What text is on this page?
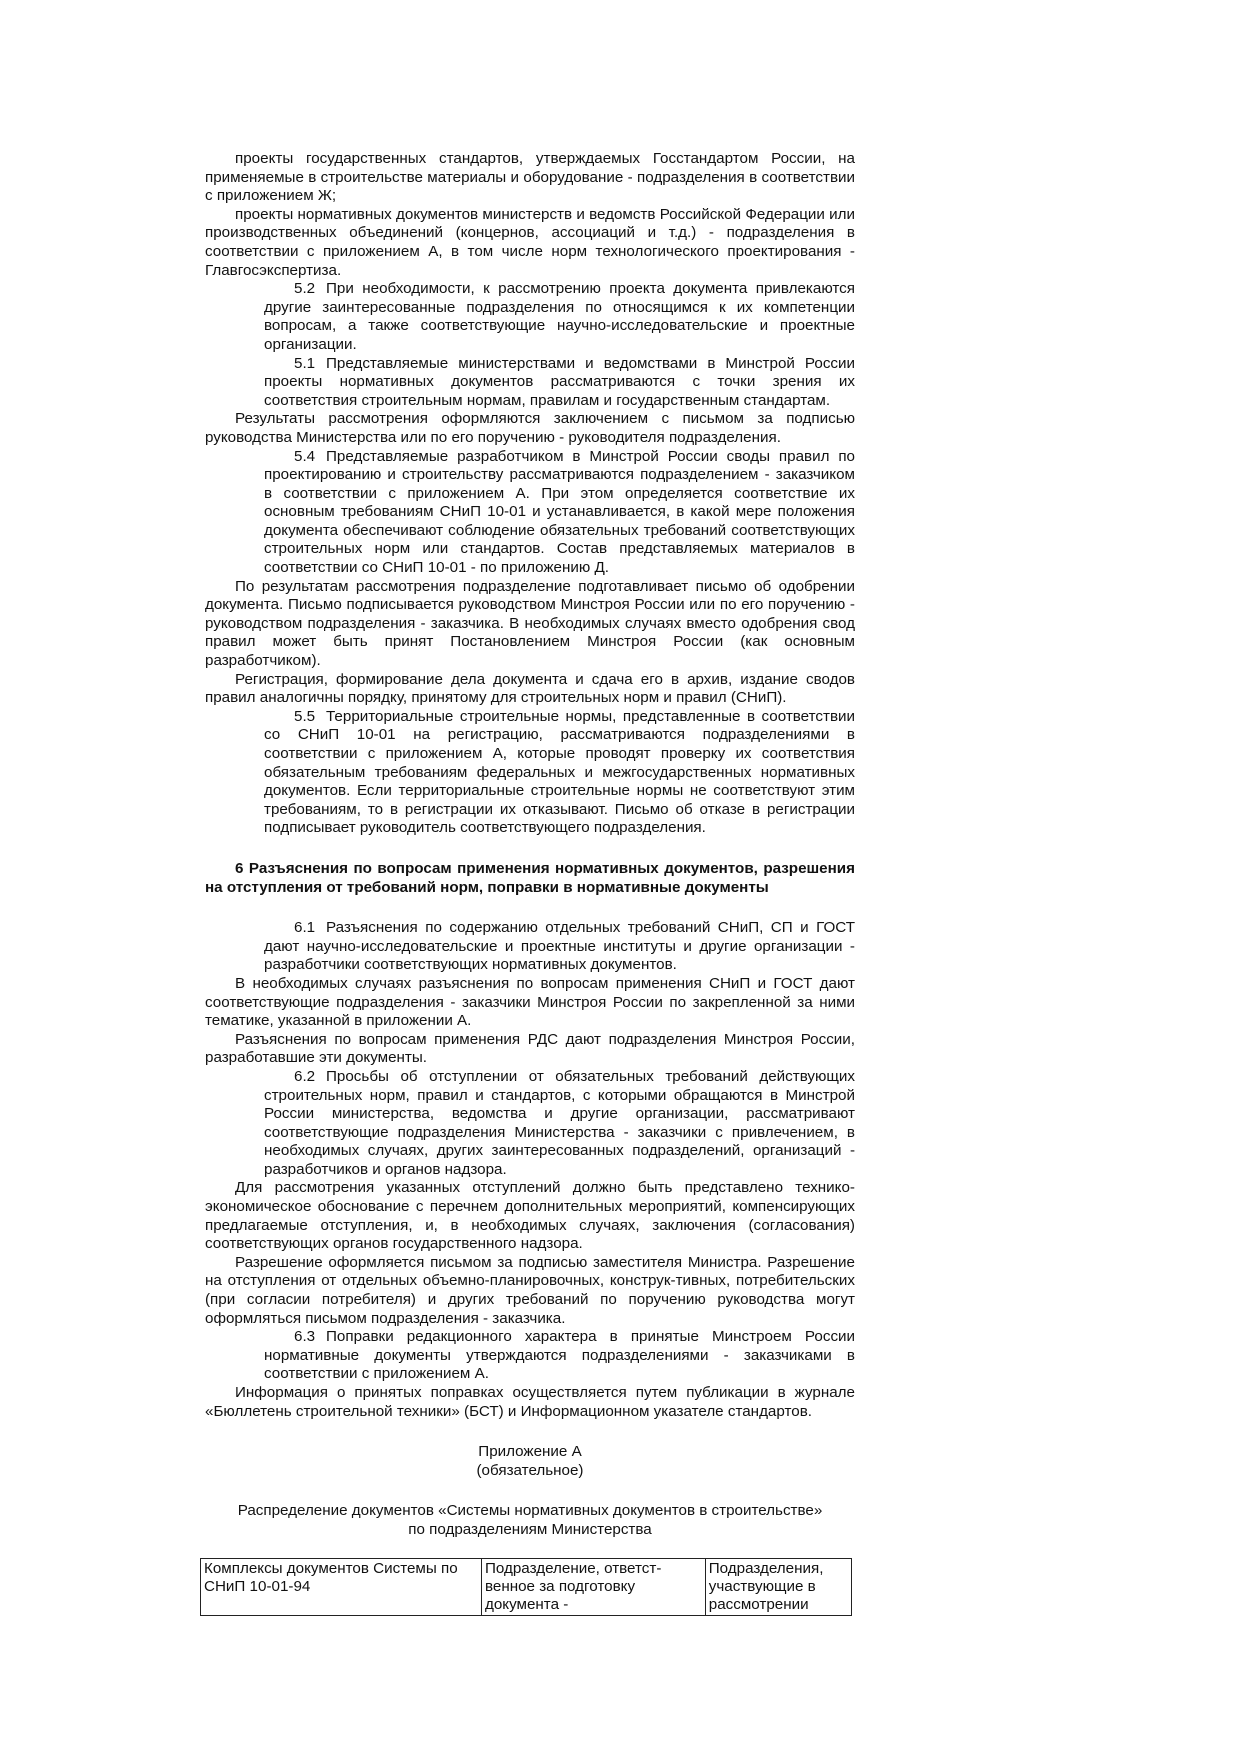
проекты государственных стандартов, утверждаемых Госстандартом России, на применяемые в строительстве материалы и оборудование - подразделения в соответствии с приложением Ж;

проекты нормативных документов министерств и ведомств Российской Федерации или производственных объединений (концернов, ассоциаций и т.д.) - подразделения в соответствии с приложением А, в том числе норм технологического проектирования - Главгосэкспертиза.

5.2 При необходимости, к рассмотрению проекта документа привлекаются другие заинтересованные подразделения по относящимся к их компетенции вопросам, а также соответствующие научно-исследовательские и проектные организации.

5.1 Представляемые министерствами и ведомствами в Минстрой России проекты нормативных документов рассматриваются с точки зрения их соответствия строительным нормам, правилам и государственным стандартам.

Результаты рассмотрения оформляются заключением с письмом за подписью руководства Министерства или по его поручению - руководителя подразделения.

5.4 Представляемые разработчиком в Минстрой России своды правил по проектированию и строительству рассматриваются подразделением - заказчиком в соответствии с приложением А. При этом определяется соответствие их основным требованиям СНиП 10-01 и устанавливается, в какой мере положения документа обеспечивают соблюдение обязательных требований соответствующих строительных норм или стандартов. Состав представляемых материалов в соответствии со СНиП 10-01 - по приложению Д.

По результатам рассмотрения подразделение подготавливает письмо об одобрении документа. Письмо подписывается руководством Минстроя России или по его поручению - руководством подразделения - заказчика. В необходимых случаях вместо одобрения свод правил может быть принят Постановлением Минстроя России (как основным разработчиком).

Регистрация, формирование дела документа и сдача его в архив, издание сводов правил аналогичны порядку, принятому для строительных норм и правил (СНиП).

5.5 Территориальные строительные нормы, представленные в соответствии со СНиП 10-01 на регистрацию, рассматриваются подразделениями в соответствии с приложением А, которые проводят проверку их соответствия обязательным требованиям федеральных и межгосударственных нормативных документов. Если территориальные строительные нормы не соответствуют этим требованиям, то в регистрации их отказывают. Письмо об отказе в регистрации подписывает руководитель соответствующего подразделения.

6 Разъяснения по вопросам применения нормативных документов, разрешения на отступления от требований норм, поправки в нормативные документы

6.1 Разъяснения по содержанию отдельных требований СНиП, СП и ГОСТ дают научно-исследовательские и проектные институты и другие организации - разработчики соответствующих нормативных документов.

В необходимых случаях разъяснения по вопросам применения СНиП и ГОСТ дают соответствующие подразделения - заказчики Минстроя России по закрепленной за ними тематике, указанной в приложении А.

Разъяснения по вопросам применения РДС дают подразделения Минстроя России, разработавшие эти документы.

6.2 Просьбы об отступлении от обязательных требований действующих строительных норм, правил и стандартов, с которыми обращаются в Минстрой России министерства, ведомства и другие организации, рассматривают соответствующие подразделения Министерства - заказчики с привлечением, в необходимых случаях, других заинтересованных подразделений, организаций - разработчиков и органов надзора.

Для рассмотрения указанных отступлений должно быть представлено технико-экономическое обоснование с перечнем дополнительных мероприятий, компенсирующих предлагаемые отступления, и, в необходимых случаях, заключения (согласования) соответствующих органов государственного надзора.

Разрешение оформляется письмом за подписью заместителя Министра. Разрешение на отступления от отдельных объемно-планировочных, конструк-тивных, потребительских (при согласии потребителя) и других требований по поручению руководства могут оформляться письмом подразделения - заказчика.

6.3 Поправки редакционного характера в принятые Минстроем России нормативные документы утверждаются подразделениями - заказчиками в соответствии с приложением А.

Информация о принятых поправках осуществляется путем публикации в журнале «Бюллетень строительной техники» (БСТ) и Информационном указателе стандартов.

Приложение А

(обязательное)

Распределение документов «Системы нормативных документов в строительстве»
по подразделениям Министерства
Комплексы документов Системы по СНиП 10-01-94	Подразделение, ответст-венное за подготовку документа -	Подразделения, участвующие в рассмотрении
